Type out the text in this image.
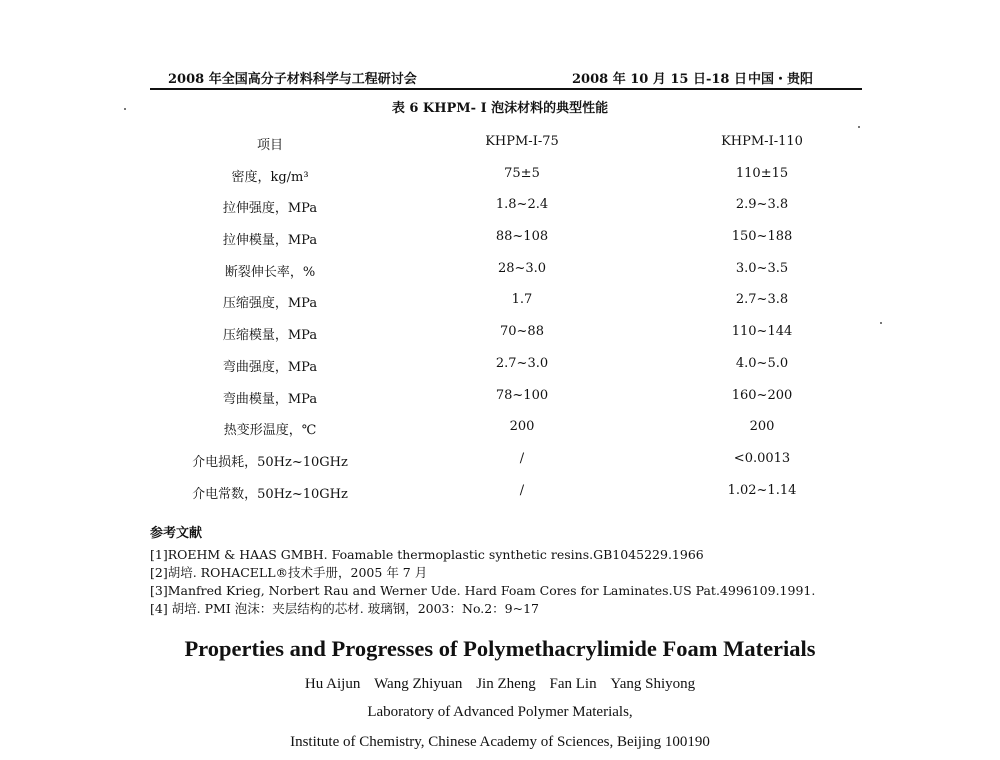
2008 年全国高分子材料科学与工程研讨会	2008 年 10 月 15 日-18 日 中国・贵阳
表 6 KHPM- I 泡沫材料的典型性能
项目	KHPM-I-75	KHPM-I-110
密度，kg/m³	75±5	110±15
拉伸强度，MPa	1.8~2.4	2.9~3.8
拉伸模量，MPa	88~108	150~188
断裂伸长率，%	28~3.0	3.0~3.5
压缩强度，MPa	1.7	2.7~3.8
压缩模量，MPa	70~88	110~144
弯曲强度，MPa	2.7~3.0	4.0~5.0
弯曲模量，MPa	78~100	160~200
热变形温度，℃	200	200
介电损耗，50Hz~10GHz	/	<0.0013
介电常数，50Hz~10GHz	/	1.02~1.14
参考文献
[1]ROEHM & HAAS GMBH. Foamable thermoplastic synthetic resins.GB1045229.1966
[2]胡培. ROHACELL®技术手册，2005 年 7 月
[3]Manfred Krieg, Norbert Rau and Werner Ude. Hard Foam Cores for Laminates.US Pat.4996109.1991.
[4] 胡培. PMI 泡沫：夹层结构的芯材. 玻璃钢，2003：No.2：9~17
Properties and Progresses of Polymethacrylimide Foam Materials
Hu Aijun Wang Zhiyuan Jin Zheng Fan Lin Yang Shiyong
Laboratory of Advanced Polymer Materials,
Institute of Chemistry, Chinese Academy of Sciences, Beijing 100190
